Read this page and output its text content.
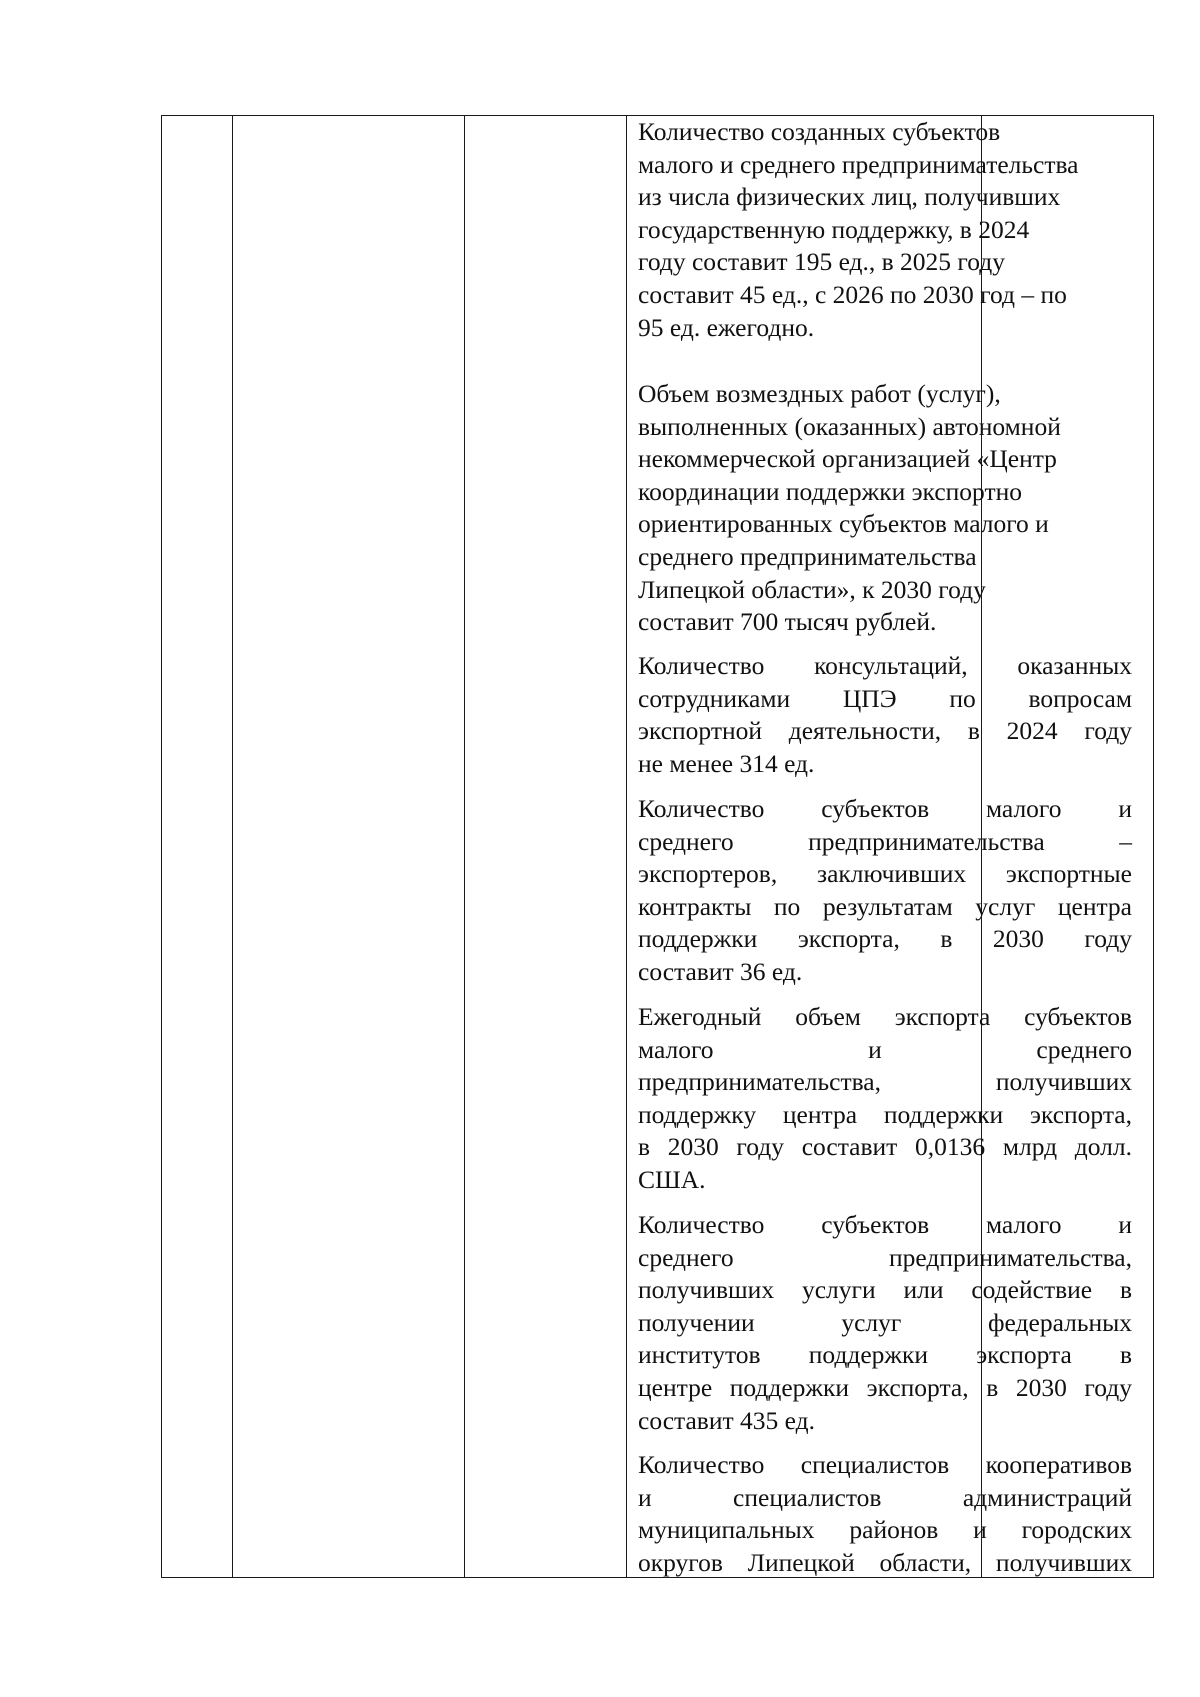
Количество созданных субъектов
малого и среднего предпринимательства
из числа физических лиц, получивших
государственную поддержку, в 2024
году составит 195 ед., в 2025 году
составит 45 ед., с 2026 по 2030 год – по
95 ед. ежегодно.
Объем возмездных работ (услуг),
выполненных (оказанных) автономной
некоммерческой организацией «Центр
координации поддержки экспортно
ориентированных субъектов малого и
среднего предпринимательства
Липецкой области», к 2030 году
составит 700 тысяч рублей.
Количество консультаций, оказанных
сотрудниками ЦПЭ по вопросам
экспортной деятельности, в 2024 году
не менее 314 ед.
Количество субъектов малого и
среднего предпринимательства –
экспортеров, заключивших экспортные
контракты по результатам услуг центра
поддержки экспорта, в 2030 году
составит 36 ед.
Ежегодный объем экспорта субъектов
малого и среднего
предпринимательства, получивших
поддержку центра поддержки экспорта,
в 2030 году составит 0,0136 млрд долл.
США.
Количество субъектов малого и
среднего предпринимательства,
получивших услуги или содействие в
получении услуг федеральных
институтов поддержки экспорта в
центре поддержки экспорта, в 2030 году
составит 435 ед.
Количество специалистов кооперативов
и специалистов администраций
муниципальных районов и городских
округов Липецкой области, получивших
